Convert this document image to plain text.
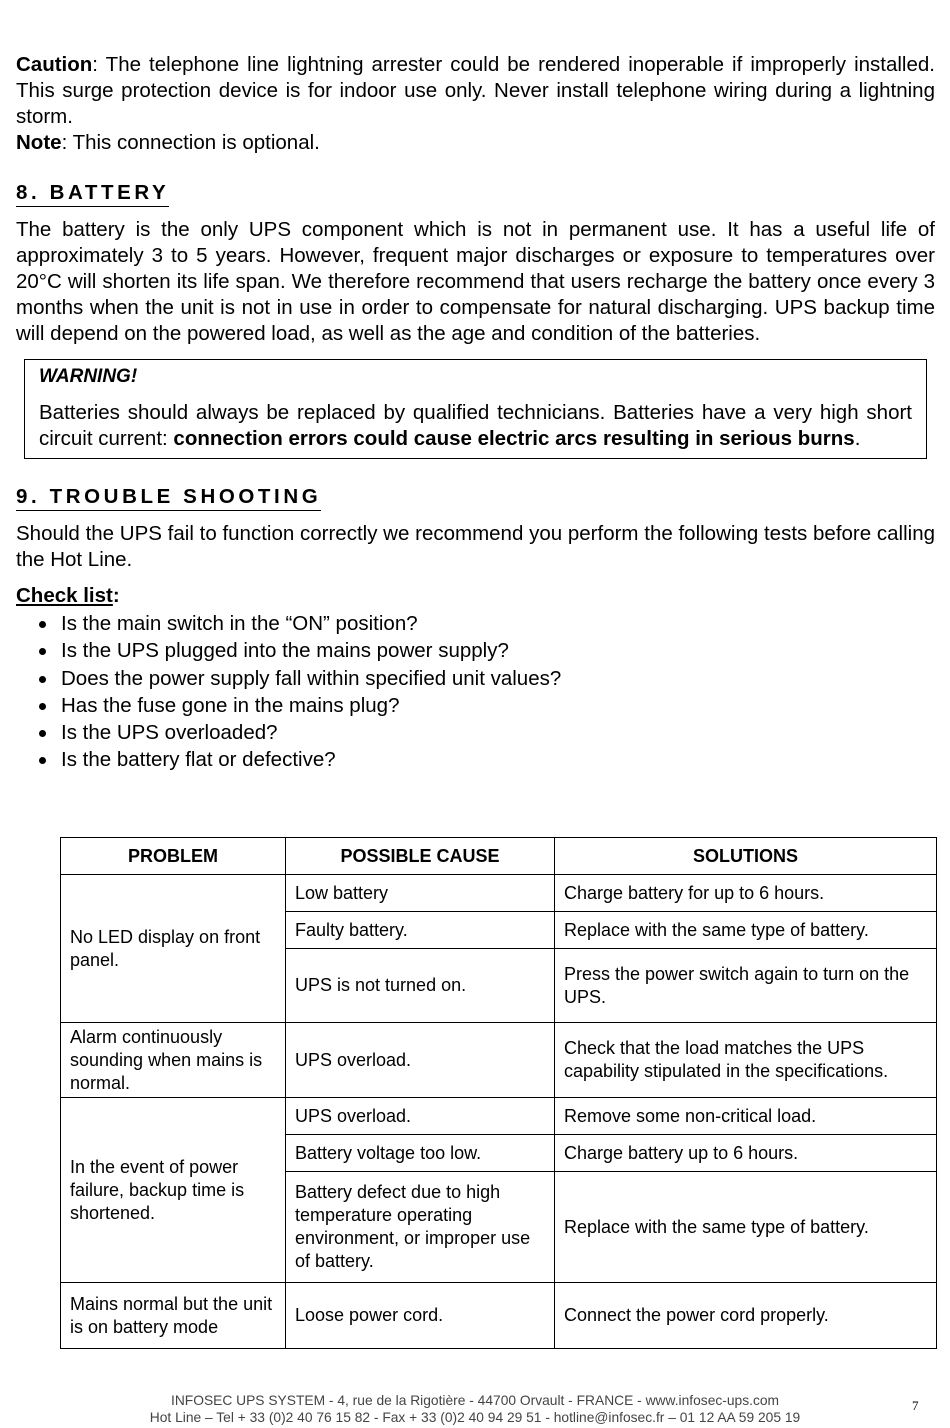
Caution: The telephone line lightning arrester could be rendered inoperable if improperly installed. This surge protection device is for indoor use only. Never install telephone wiring during a lightning storm.

Note: This connection is optional.

8. BATTERY

The battery is the only UPS component which is not in permanent use. It has a useful life of approximately 3 to 5 years. However, frequent major discharges or exposure to temperatures over 20°C will shorten its life span. We therefore recommend that users recharge the battery once every 3 months when the unit is not in use in order to compensate for natural discharging. UPS backup time will depend on the powered load, as well as the age and condition of the batteries.

WARNING!

Batteries should always be replaced by qualified technicians. Batteries have a very high short circuit current: connection errors could cause electric arcs resulting in serious burns.

9. TROUBLE SHOOTING

Should the UPS fail to function correctly we recommend you perform the following tests before calling the Hot Line.

Check list:
Is the main switch in the “ON” position?
Is the UPS plugged into the mains power supply?
Does the power supply fall within specified unit values?
Has the fuse gone in the mains plug?
Is the UPS overloaded?
Is the battery flat or defective?
PROBLEM	POSSIBLE CAUSE	SOLUTIONS
No LED display on front panel.	Low battery	Charge battery for up to 6 hours.
	Faulty battery.	Replace with the same type of battery.
	UPS is not turned on.	Press the power switch again to turn on the UPS.
Alarm continuously sounding when mains is normal.	UPS overload.	Check that the load matches the UPS capability stipulated in the specifications.
In the event of power failure, backup time is shortened.	UPS overload.	Remove some non-critical load.
	Battery voltage too low.	Charge battery up to 6 hours.
	Battery defect due to high temperature operating environment, or improper use of battery.	Replace with the same type of battery.
Mains normal but the unit is on battery mode	Loose power cord.	Connect the power cord properly.
INFOSEC UPS SYSTEM - 4, rue de la Rigotière - 44700 Orvault - FRANCE - www.infosec-ups.com
Hot Line – Tel + 33 (0)2 40 76 15 82 - Fax + 33 (0)2 40 94 29 51 - hotline@infosec.fr – 01 12 AA 59 205 19
7
